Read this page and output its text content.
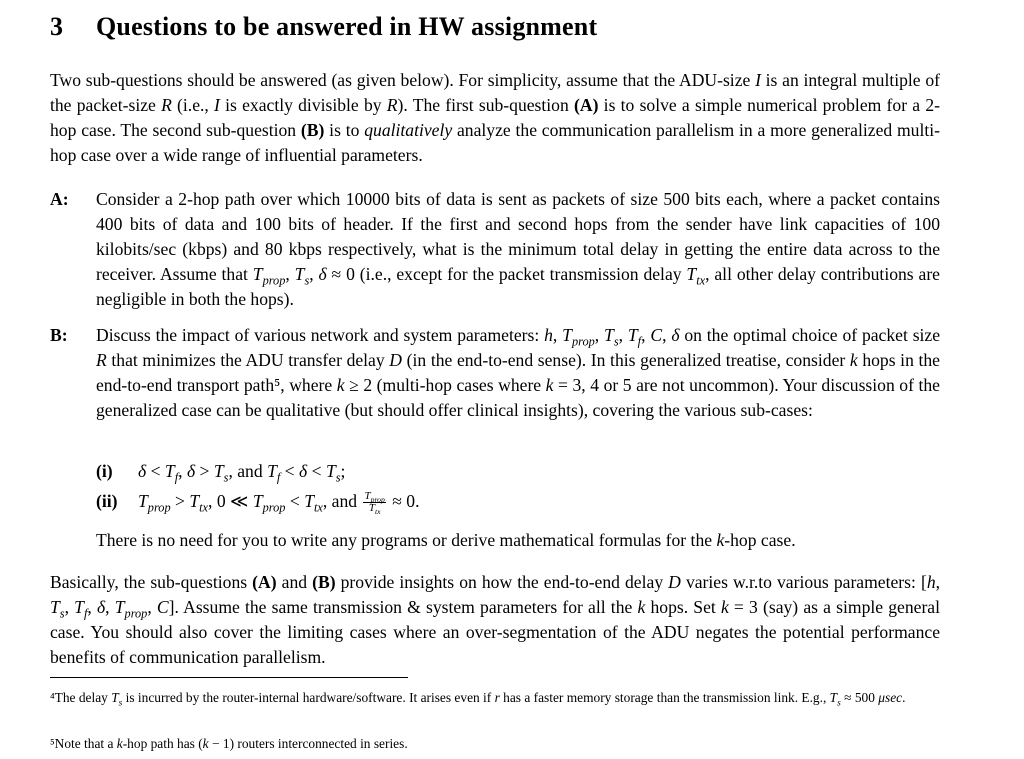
3 Questions to be answered in HW assignment
Two sub-questions should be answered (as given below). For simplicity, assume that the ADU-size I is an integral multiple of the packet-size R (i.e., I is exactly divisible by R). The first sub-question (A) is to solve a simple numerical problem for a 2-hop case. The second sub-question (B) is to qualitatively analyze the communication parallelism in a more generalized multi-hop case over a wide range of influential parameters.
A: Consider a 2-hop path over which 10000 bits of data is sent as packets of size 500 bits each, where a packet contains 400 bits of data and 100 bits of header. If the first and second hops from the sender have link capacities of 100 kilobits/sec (kbps) and 80 kbps respectively, what is the minimum total delay in getting the entire data across to the receiver. Assume that $T_{prop}$, $T_s$, δ ≈ 0 (i.e., except for the packet transmission delay $T_{tx}$, all other delay contributions are negligible in both the hops).
B: Discuss the impact of various network and system parameters: h, $T_{prop}$, $T_s$, $T_f$, C, δ on the optimal choice of packet size R that minimizes the ADU transfer delay D (in the end-to-end sense). In this generalized treatise, consider k hops in the end-to-end transport path⁵, where k ≥ 2 (multi-hop cases where k = 3, 4 or 5 are not uncommon). Your discussion of the generalized case can be qualitative (but should offer clinical insights), covering the various sub-cases:
(i) $\delta < T_f$, $\delta > T_s$, and $T_f < \delta < T_s$;
(ii) $T_{prop} > T_{tx}$, 0 ≪ $T_{prop} < T_{tx}$, and $\frac{T_{prop}}{T_{tx}} \approx 0$.
There is no need for you to write any programs or derive mathematical formulas for the k-hop case.
Basically, the sub-questions (A) and (B) provide insights on how the end-to-end delay D varies w.r.to various parameters: [h, $T_s$, $T_f$, δ, $T_{prop}$, C]. Assume the same transmission & system parameters for all the k hops. Set k = 3 (say) as a simple general case. You should also cover the limiting cases where an over-segmentation of the ADU negates the potential performance benefits of communication parallelism.
⁴The delay $T_s$ is incurred by the router-internal hardware/software. It arises even if r has a faster memory storage than the transmission link. E.g., $T_s \approx 500$ μsec.
⁵Note that a k-hop path has (k − 1) routers interconnected in series.
